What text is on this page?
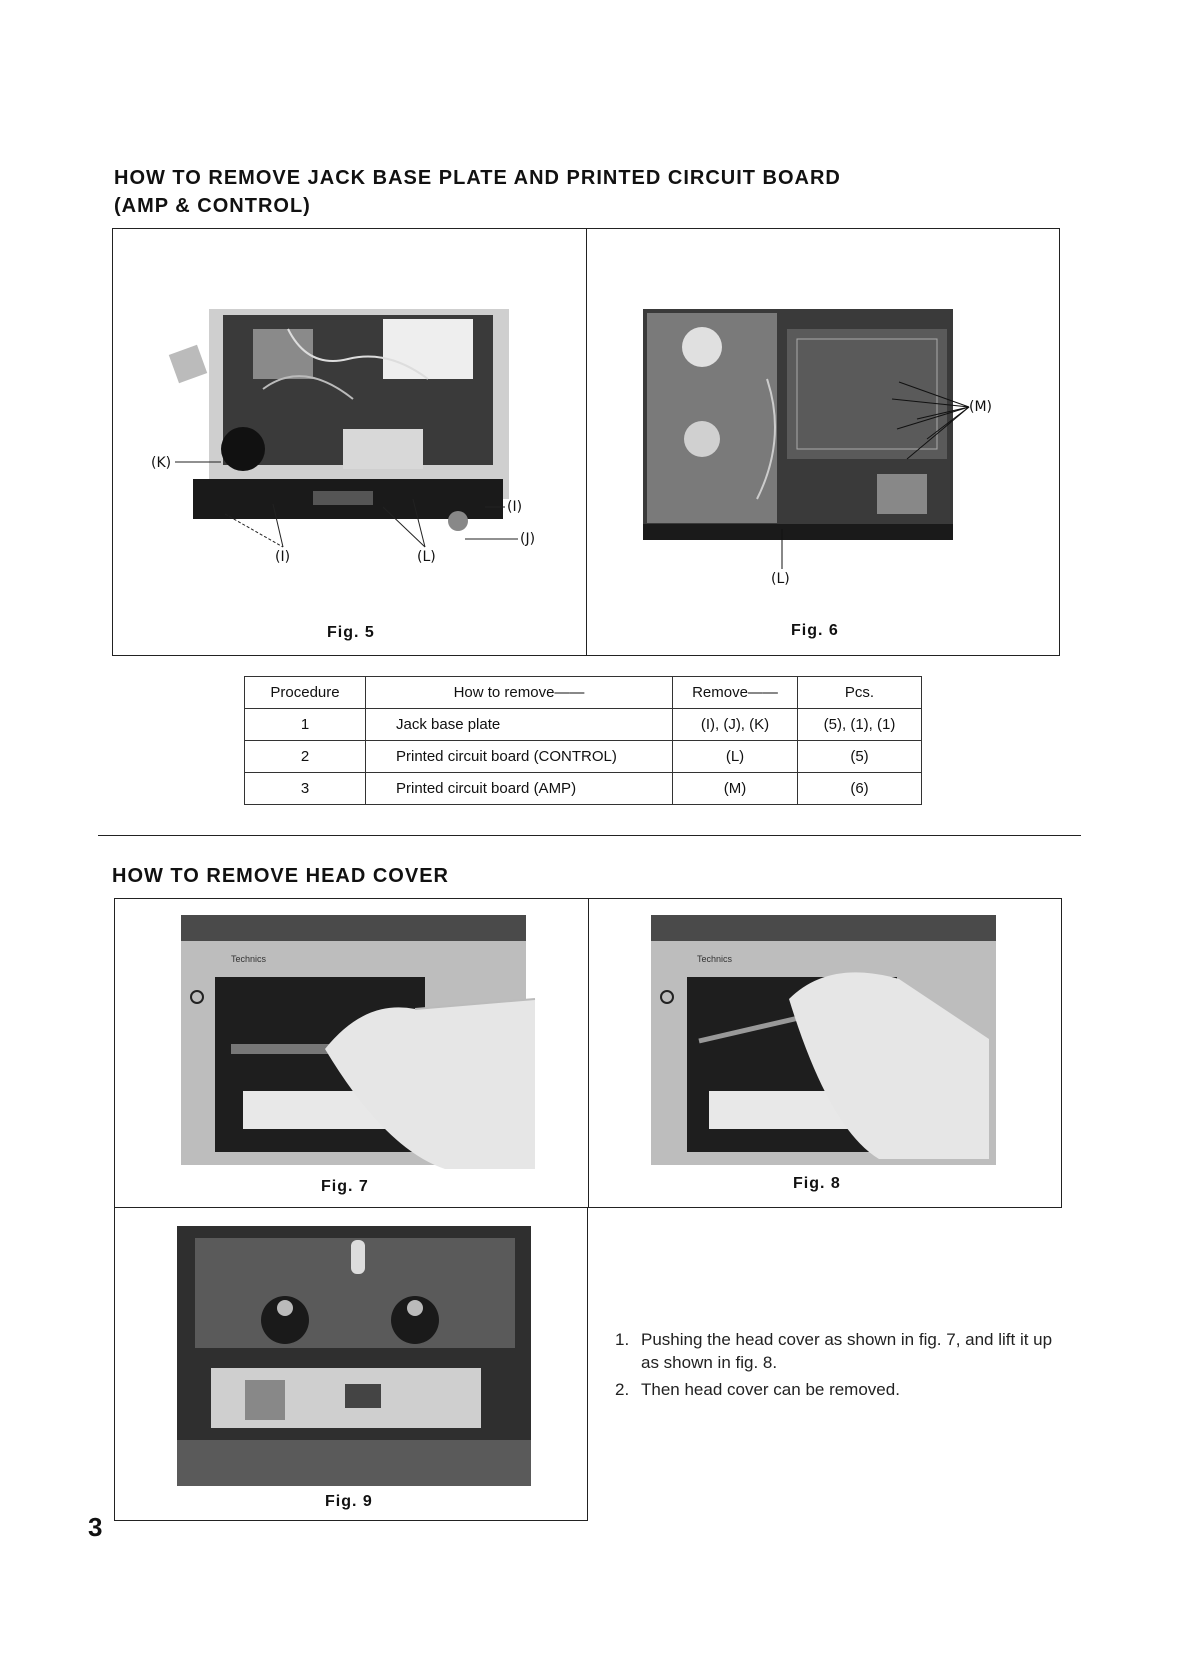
HOW TO REMOVE JACK BASE PLATE AND PRINTED CIRCUIT BOARD
(AMP & CONTROL)
(K)
(I)
(J)
(I)	(L)
Fig. 5
(M)
(L)
Fig. 6
Procedure	How to remove——	Remove——	Pcs.
1	Jack base plate	(I), (J), (K)	(5), (1), (1)
2	Printed circuit board (CONTROL)	(L)	(5)
3	Printed circuit board (AMP)	(M)	(6)
HOW TO REMOVE HEAD COVER
Technics
Fig. 7
Technics
Fig. 8
Fig. 9
1. Pushing the head cover as shown in fig. 7, and lift it up as shown in fig. 8.
2. Then head cover can be removed.
3
